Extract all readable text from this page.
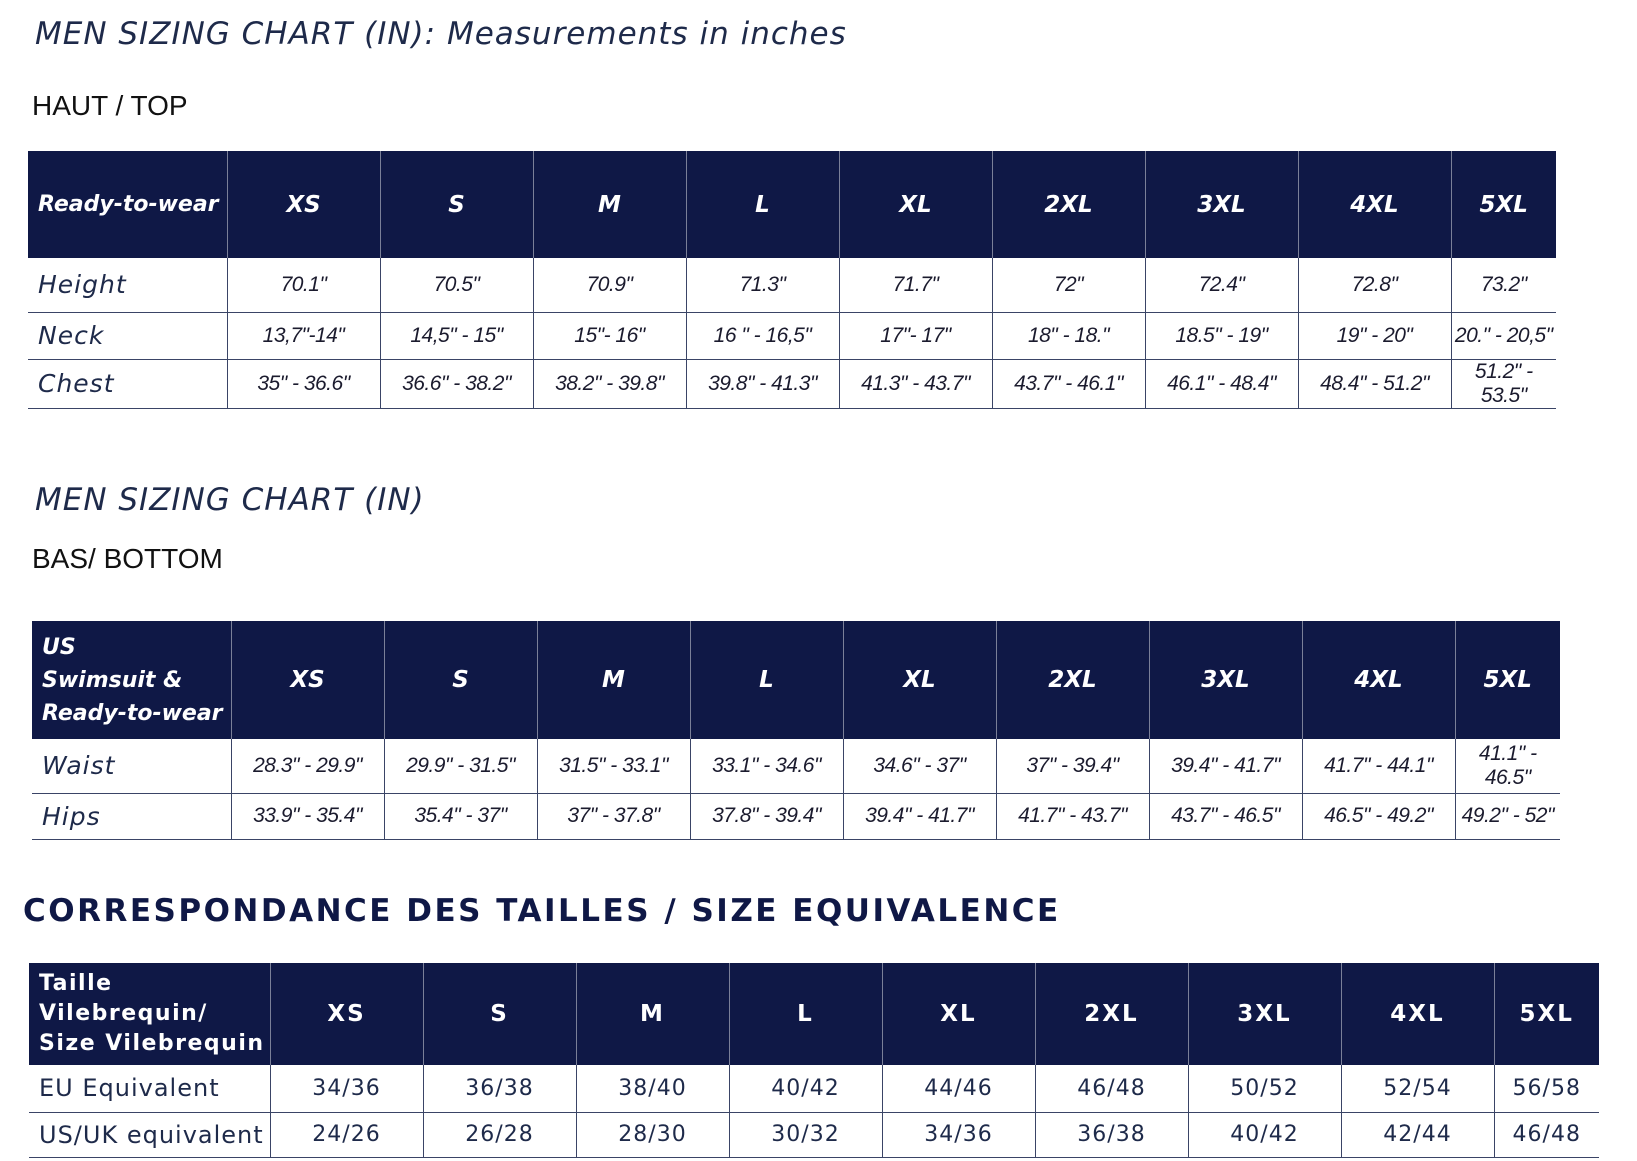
MEN SIZING CHART (IN): Measurements in inches
HAUT / TOP
Ready-to-wear	XS	S	M	L	XL	2XL	3XL	4XL	5XL
Height	70.1"	70.5"	70.9"	71.3"	71.7"	72"	72.4"	72.8"	73.2"
Neck	13,7"-14"	14,5" - 15"	15"- 16"	16 " - 16,5"	17"- 17"	18" - 18."	18.5" - 19"	19" - 20"	20." - 20,5"
Chest	35" - 36.6"	36.6" - 38.2"	38.2" - 39.8"	39.8" - 41.3"	41.3" - 43.7"	43.7" - 46.1"	46.1" - 48.4"	48.4" - 51.2"	51.2" - 53.5"
MEN SIZING CHART (IN)
BAS/ BOTTOM
US
Swimsuit &
Ready-to-wear	XS	S	M	L	XL	2XL	3XL	4XL	5XL
Waist	28.3" - 29.9"	29.9" - 31.5"	31.5" - 33.1"	33.1" - 34.6"	34.6" - 37"	37" - 39.4"	39.4" - 41.7"	41.7" - 44.1"	41.1" - 46.5"
Hips	33.9" - 35.4"	35.4" - 37"	37" - 37.8"	37.8" - 39.4"	39.4" - 41.7"	41.7" - 43.7"	43.7" - 46.5"	46.5" - 49.2"	49.2" - 52"
CORRESPONDANCE DES TAILLES / SIZE EQUIVALENCE
Taille Vilebrequin/
Size Vilebrequin	XS	S	M	L	XL	2XL	3XL	4XL	5XL
EU Equivalent	34/36	36/38	38/40	40/42	44/46	46/48	50/52	52/54	56/58
US/UK equivalent	24/26	26/28	28/30	30/32	34/36	36/38	40/42	42/44	46/48
